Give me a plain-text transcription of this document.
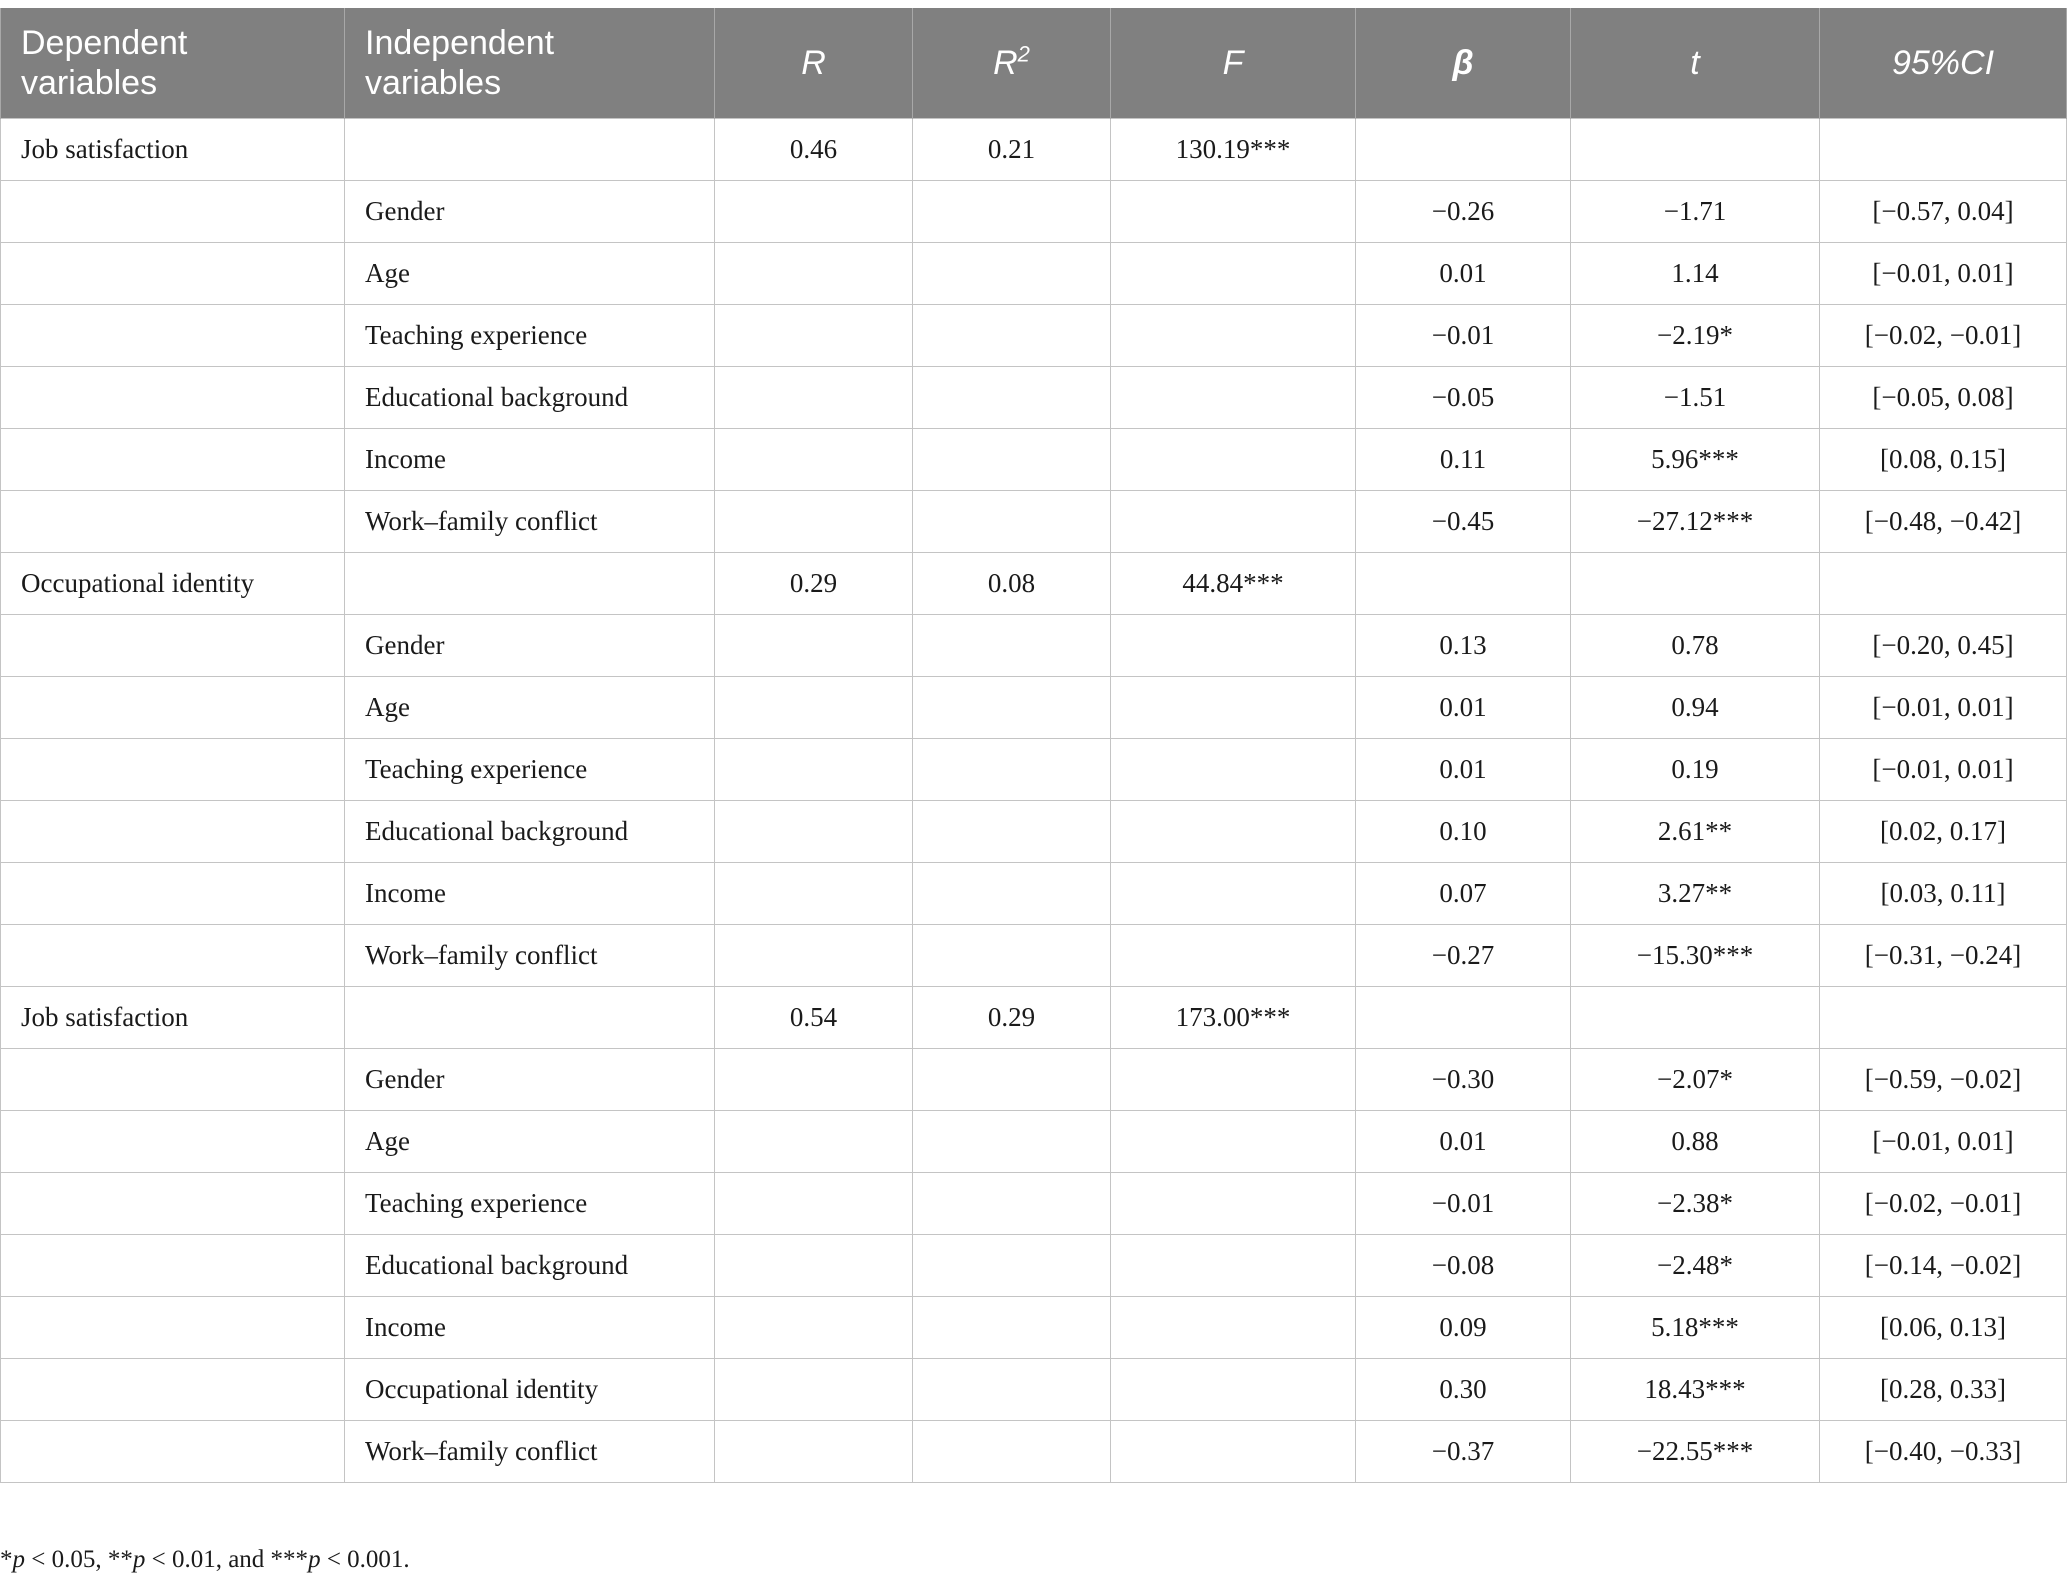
Dependent variables	Independent variables	R	$R^2$	F	β	t	95%CI
Job satisfaction		0.46	0.21	130.19***			
	Gender				−0.26	−1.71	[−0.57, 0.04]
	Age				0.01	1.14	[−0.01, 0.01]
	Teaching experience				−0.01	−2.19*	[−0.02, −0.01]
	Educational background				−0.05	−1.51	[−0.05, 0.08]
	Income				0.11	5.96***	[0.08, 0.15]
	Work–family conflict				−0.45	−27.12***	[−0.48, −0.42]
Occupational identity		0.29	0.08	44.84***			
	Gender				0.13	0.78	[−0.20, 0.45]
	Age				0.01	0.94	[−0.01, 0.01]
	Teaching experience				0.01	0.19	[−0.01, 0.01]
	Educational background				0.10	2.61**	[0.02, 0.17]
	Income				0.07	3.27**	[0.03, 0.11]
	Work–family conflict				−0.27	−15.30***	[−0.31, −0.24]
Job satisfaction		0.54	0.29	173.00***			
	Gender				−0.30	−2.07*	[−0.59, −0.02]
	Age				0.01	0.88	[−0.01, 0.01]
	Teaching experience				−0.01	−2.38*	[−0.02, −0.01]
	Educational background				−0.08	−2.48*	[−0.14, −0.02]
	Income				0.09	5.18***	[0.06, 0.13]
	Occupational identity				0.30	18.43***	[0.28, 0.33]
	Work–family conflict				−0.37	−22.55***	[−0.40, −0.33]
*p < 0.05, **p < 0.01, and ***p < 0.001.
